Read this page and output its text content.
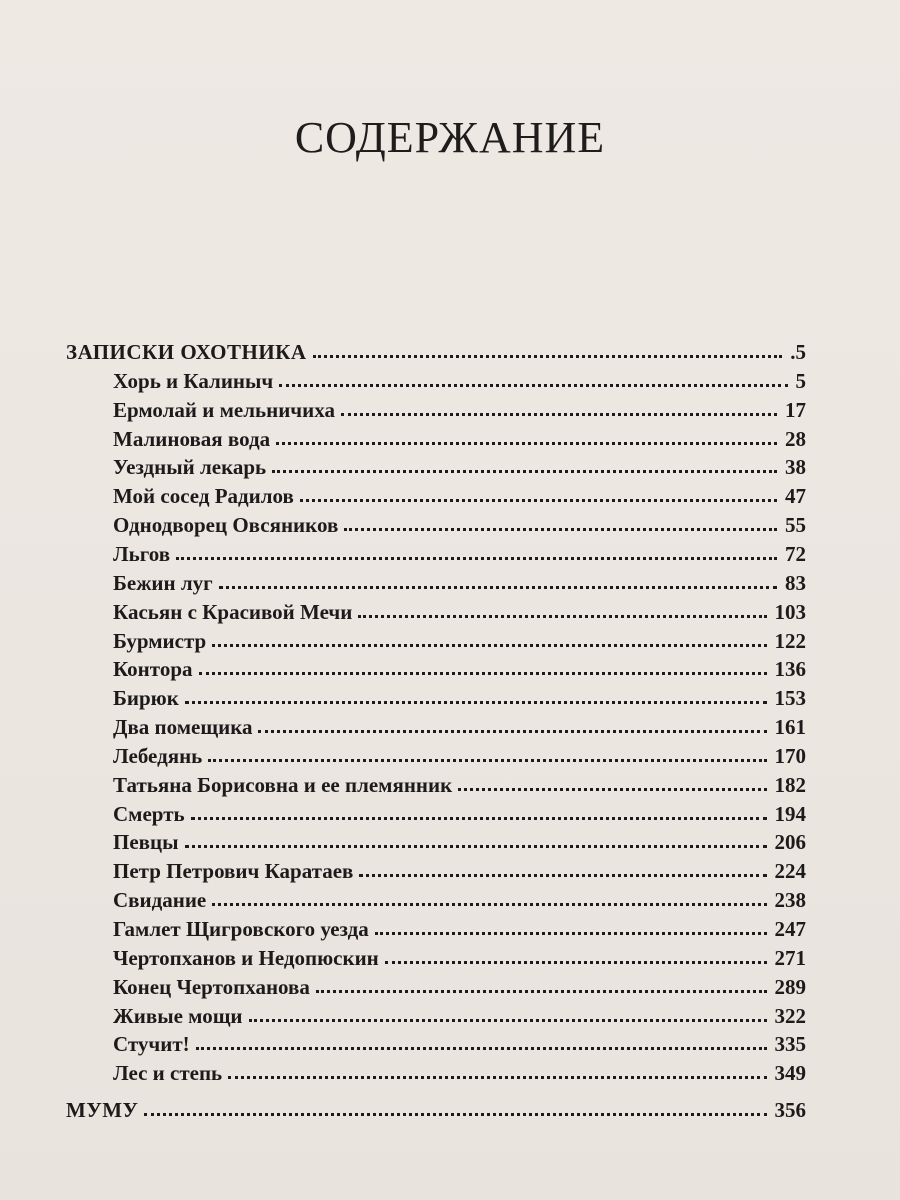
СОДЕРЖАНИЕ
ЗАПИСКИ ОХОТНИКА	.5
Хорь и Калиныч	5
Ермолай и мельничиха	17
Малиновая вода	28
Уездный лекарь	38
Мой сосед Радилов	47
Однодворец Овсяников	55
Льгов	72
Бежин луг	83
Касьян с Красивой Мечи	103
Бурмистр	122
Контора	136
Бирюк	153
Два помещика	161
Лебедянь	170
Татьяна Борисовна и ее племянник	182
Смерть	194
Певцы	206
Петр Петрович Каратаев	224
Свидание	238
Гамлет Щигровского уезда	247
Чертопханов и Недопюскин	271
Конец Чертопханова	289
Живые мощи	322
Стучит!	335
Лес и степь	349
МУМУ	356
